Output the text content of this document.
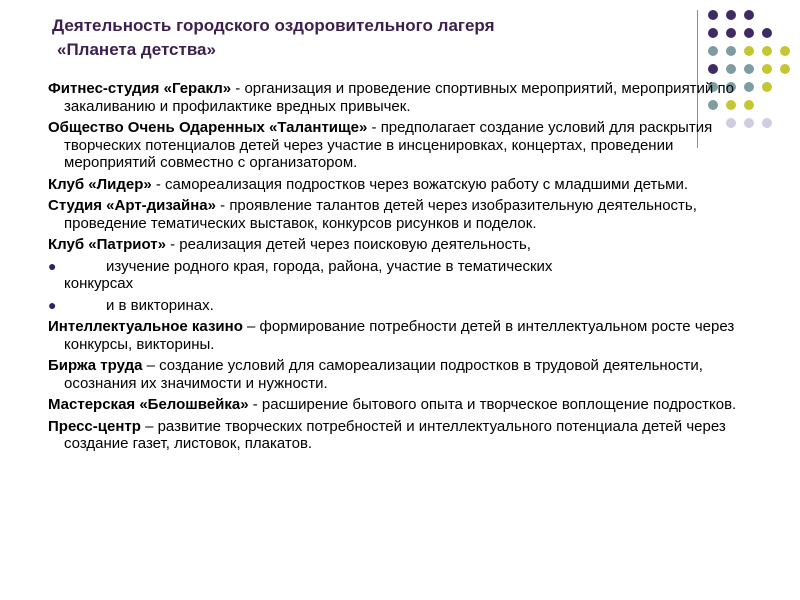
Деятельность городского оздоровительного лагеря
«Планета детства»
Фитнес-студия «Геракл» - организация и проведение спортивных мероприятий, мероприятий по закаливанию и профилактике вредных привычек.
Общество Очень Одаренных «Талантище» - предполагает создание условий для раскрытия творческих потенциалов детей через участие в инсценировках, концертах, проведении мероприятий совместно с организатором.
Клуб «Лидер» - самореализация подростков через вожатскую работу с младшими детьми.
Студия «Арт-дизайна» - проявление талантов детей через изобразительную деятельность, проведение тематических выставок, конкурсов рисунков и поделок.
Клуб «Патриот» - реализация детей через поисковую деятельность,
●	изучение родного края, города, района, участие в тематических
конкурсах
●	и в викторинах.
Интеллектуальное казино – формирование потребности детей в интеллектуальном росте через конкурсы, викторины.
Биржа труда – создание условий для самореализации подростков в трудовой деятельности, осознания их значимости и нужности.
Мастерская «Белошвейка» - расширение бытового опыта и творческое воплощение подростков.
Пресс-центр – развитие творческих потребностей и интеллектуального потенциала детей через создание газет, листовок, плакатов.
